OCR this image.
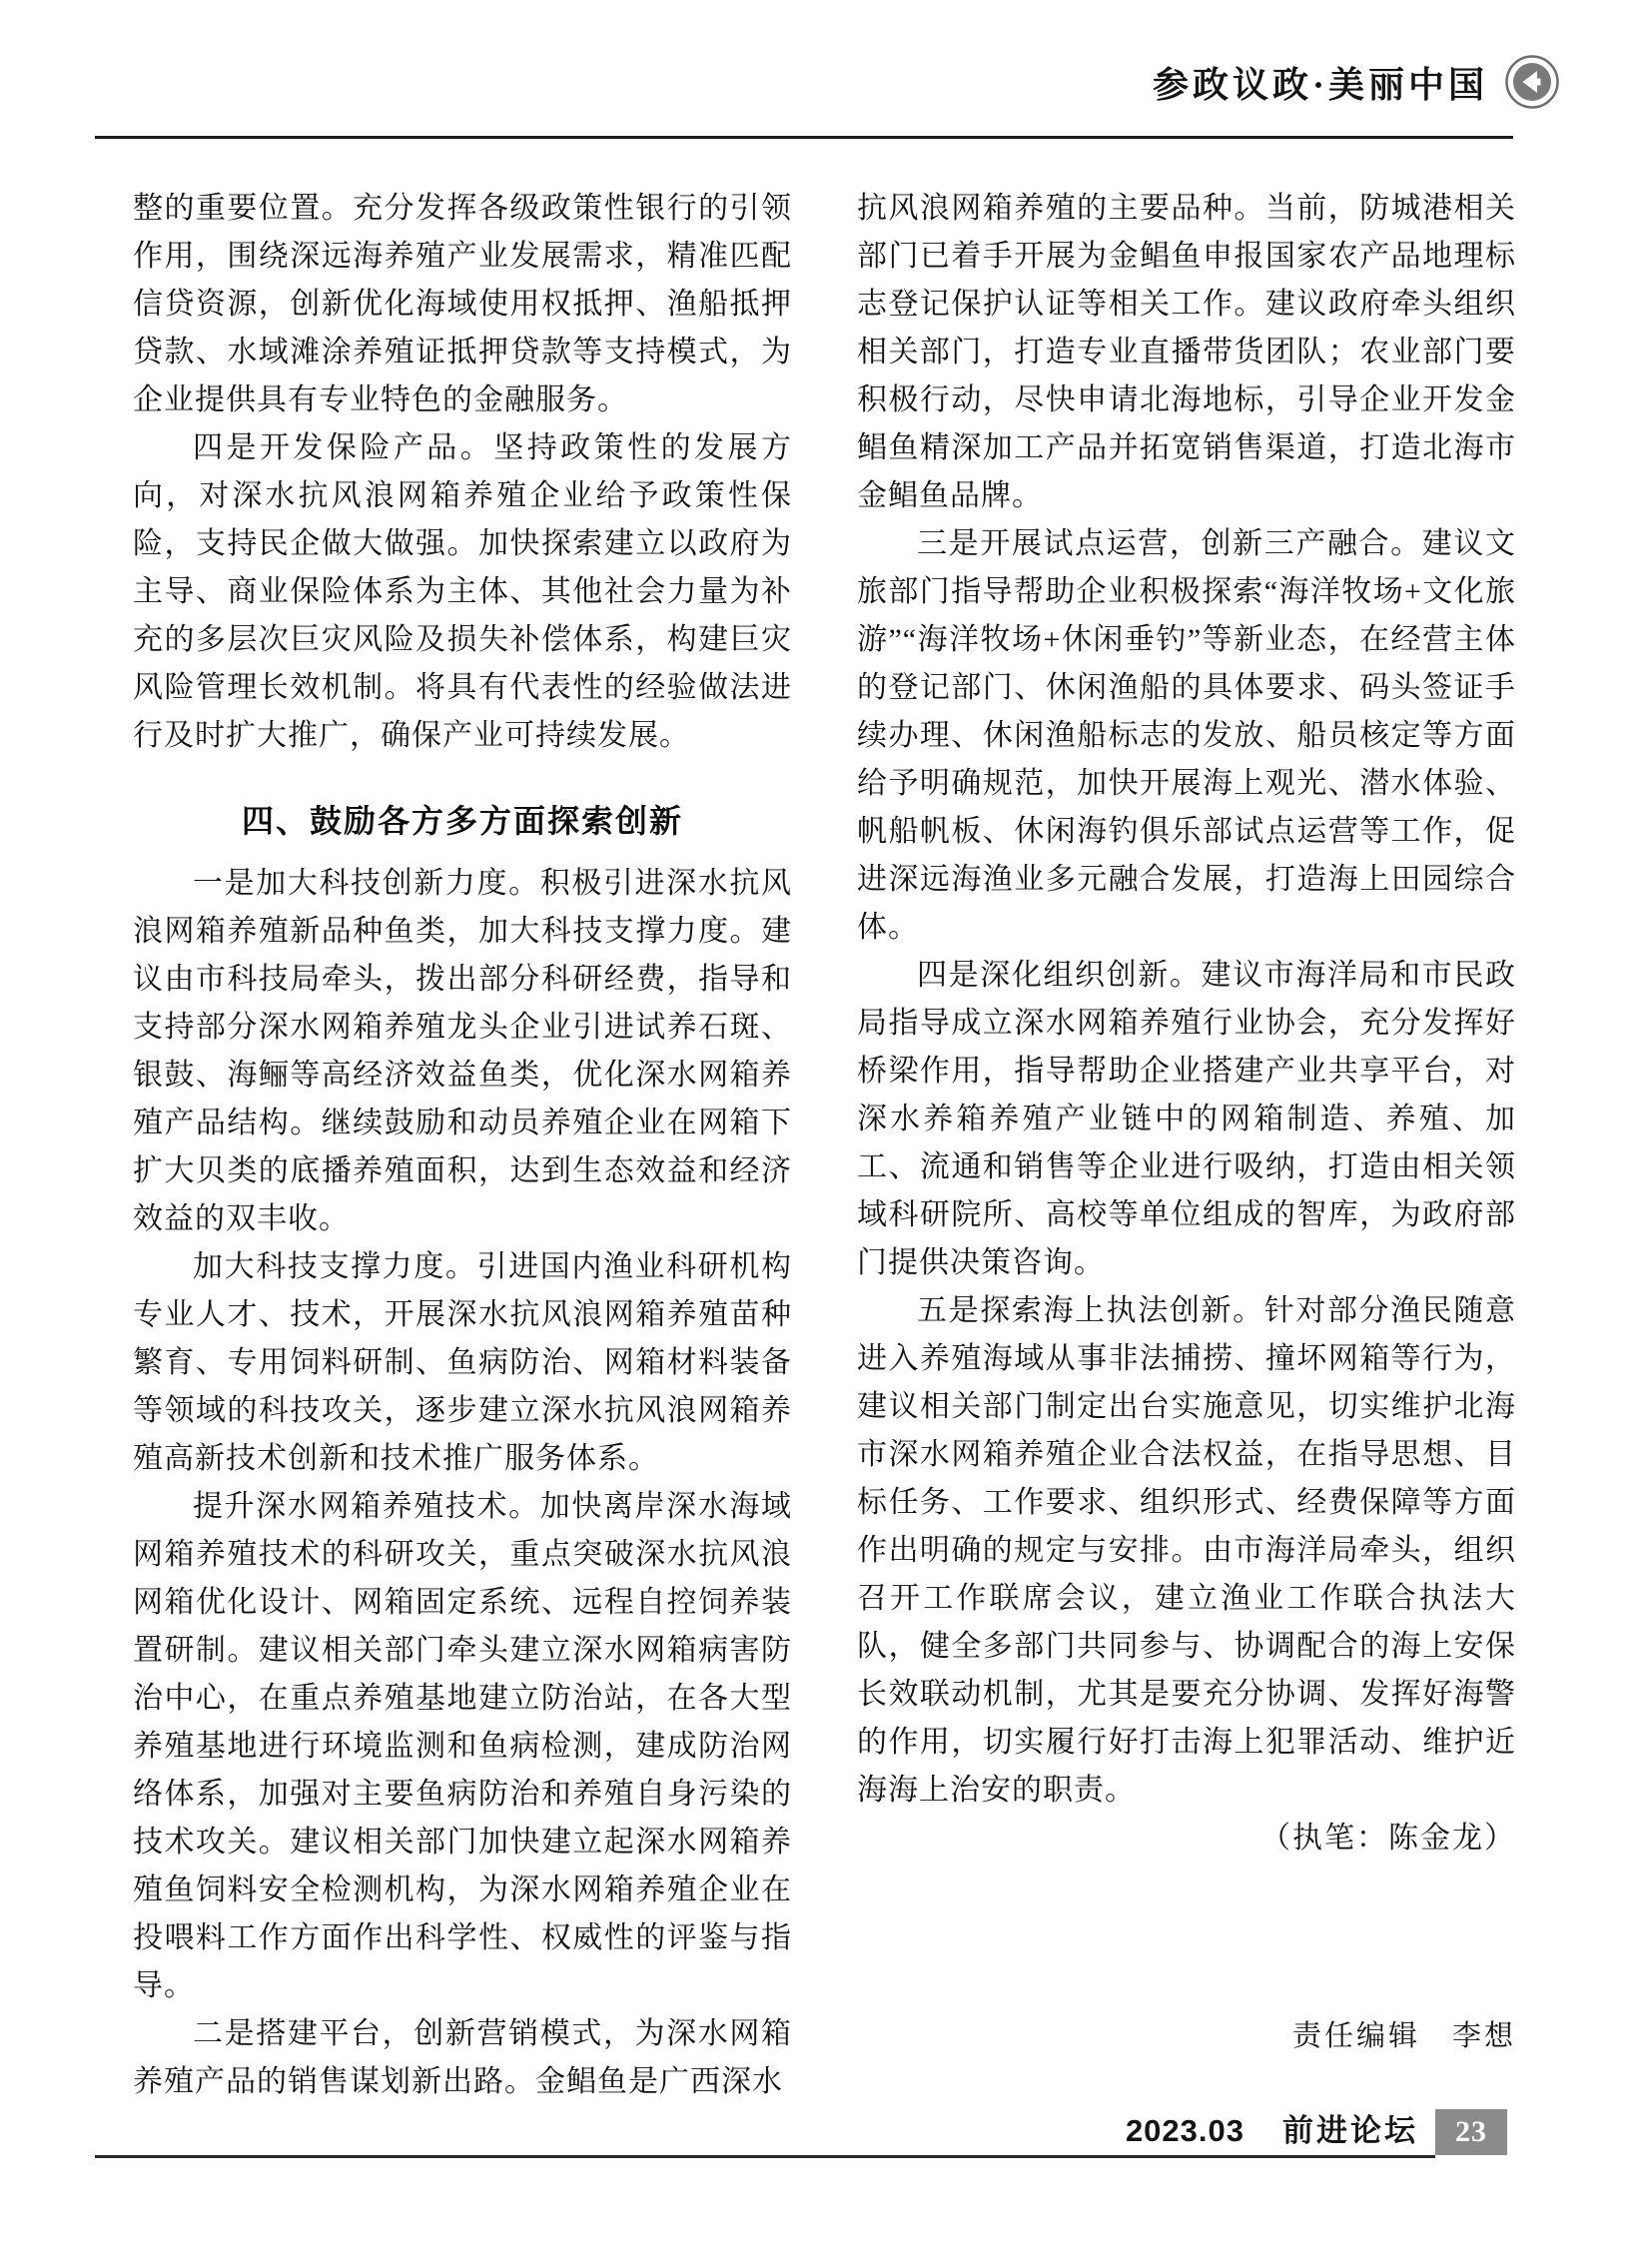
参政议政·美丽中国

整的重要位置。充分发挥各级政策性银行的引领作用，围绕深远海养殖产业发展需求，精准匹配信贷资源，创新优化海域使用权抵押、渔船抵押贷款、水域滩涂养殖证抵押贷款等支持模式，为企业提供具有专业特色的金融服务。

四是开发保险产品。坚持政策性的发展方向，对深水抗风浪网箱养殖企业给予政策性保险，支持民企做大做强。加快探索建立以政府为主导、商业保险体系为主体、其他社会力量为补充的多层次巨灾风险及损失补偿体系，构建巨灾风险管理长效机制。将具有代表性的经验做法进行及时扩大推广，确保产业可持续发展。

四、鼓励各方多方面探索创新

一是加大科技创新力度。积极引进深水抗风浪网箱养殖新品种鱼类，加大科技支撑力度。建议由市科技局牵头，拨出部分科研经费，指导和支持部分深水网箱养殖龙头企业引进试养石斑、银鼓、海鲡等高经济效益鱼类，优化深水网箱养殖产品结构。继续鼓励和动员养殖企业在网箱下扩大贝类的底播养殖面积，达到生态效益和经济效益的双丰收。

加大科技支撑力度。引进国内渔业科研机构专业人才、技术，开展深水抗风浪网箱养殖苗种繁育、专用饲料研制、鱼病防治、网箱材料装备等领域的科技攻关，逐步建立深水抗风浪网箱养殖高新技术创新和技术推广服务体系。

提升深水网箱养殖技术。加快离岸深水海域网箱养殖技术的科研攻关，重点突破深水抗风浪网箱优化设计、网箱固定系统、远程自控饲养装置研制。建议相关部门牵头建立深水网箱病害防治中心，在重点养殖基地建立防治站，在各大型养殖基地进行环境监测和鱼病检测，建成防治网络体系，加强对主要鱼病防治和养殖自身污染的技术攻关。建议相关部门加快建立起深水网箱养殖鱼饲料安全检测机构，为深水网箱养殖企业在投喂料工作方面作出科学性、权威性的评鉴与指导。

二是搭建平台，创新营销模式，为深水网箱养殖产品的销售谋划新出路。金鲳鱼是广西深水

抗风浪网箱养殖的主要品种。当前，防城港相关部门已着手开展为金鲳鱼申报国家农产品地理标志登记保护认证等相关工作。建议政府牵头组织相关部门，打造专业直播带货团队；农业部门要积极行动，尽快申请北海地标，引导企业开发金鲳鱼精深加工产品并拓宽销售渠道，打造北海市金鲳鱼品牌。

三是开展试点运营，创新三产融合。建议文旅部门指导帮助企业积极探索“海洋牧场+文化旅游”“海洋牧场+休闲垂钓”等新业态，在经营主体的登记部门、休闲渔船的具体要求、码头签证手续办理、休闲渔船标志的发放、船员核定等方面给予明确规范，加快开展海上观光、潜水体验、帆船帆板、休闲海钓俱乐部试点运营等工作，促进深远海渔业多元融合发展，打造海上田园综合体。

四是深化组织创新。建议市海洋局和市民政局指导成立深水网箱养殖行业协会，充分发挥好桥梁作用，指导帮助企业搭建产业共享平台，对深水养箱养殖产业链中的网箱制造、养殖、加工、流通和销售等企业进行吸纳，打造由相关领域科研院所、高校等单位组成的智库，为政府部门提供决策咨询。

五是探索海上执法创新。针对部分渔民随意进入养殖海域从事非法捕捞、撞坏网箱等行为，建议相关部门制定出台实施意见，切实维护北海市深水网箱养殖企业合法权益，在指导思想、目标任务、工作要求、组织形式、经费保障等方面作出明确的规定与安排。由市海洋局牵头，组织召开工作联席会议，建立渔业工作联合执法大队，健全多部门共同参与、协调配合的海上安保长效联动机制，尤其是要充分协调、发挥好海警的作用，切实履行好打击海上犯罪活动、维护近海海上治安的职责。

（执笔：陈金龙）

责任编辑　李想

2023.03 前进论坛	23
